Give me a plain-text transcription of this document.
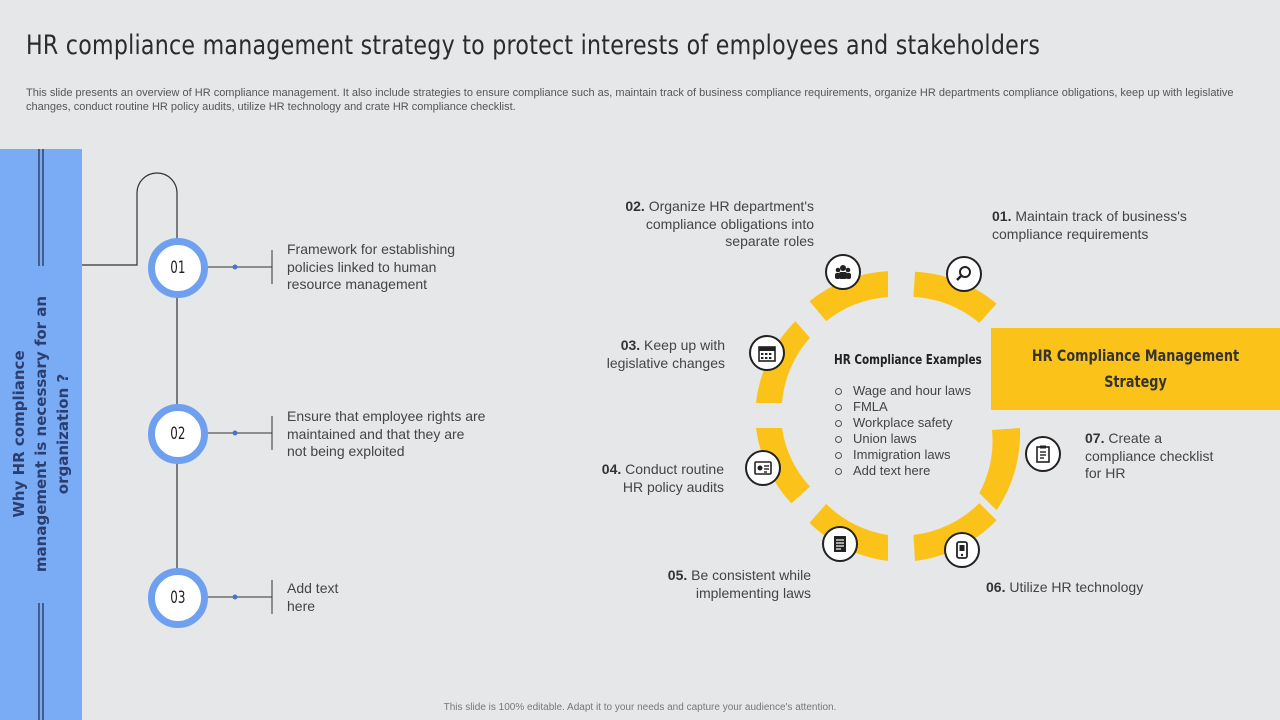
HR compliance management strategy to protect interests of employees and stakeholders
This slide presents an overview of HR compliance management. It also include strategies to ensure compliance such as, maintain track of business compliance requirements, organize HR departments compliance obligations, keep up with legislative changes, conduct routine HR policy audits, utilize HR technology and crate HR compliance checklist.
Why HR compliance management is necessary for an organization ?
01
02
03
Framework for establishing policies linked to human resource management
Ensure that employee rights are maintained and that they are not being exploited
Add text here
01. Maintain track of business's compliance requirements
02. Organize HR department's compliance obligations into separate roles
03. Keep up with legislative changes
04. Conduct routine HR policy audits
05. Be consistent while implementing laws	06. Utilize HR technology
07. Create a compliance checklist for HR
HR Compliance Examples
Wage and hour laws
FMLA
Workplace safety
Union laws
Immigration laws
Add text here
HR Compliance Management Strategy
This slide is 100% editable. Adapt it to your needs and capture your audience's attention.
